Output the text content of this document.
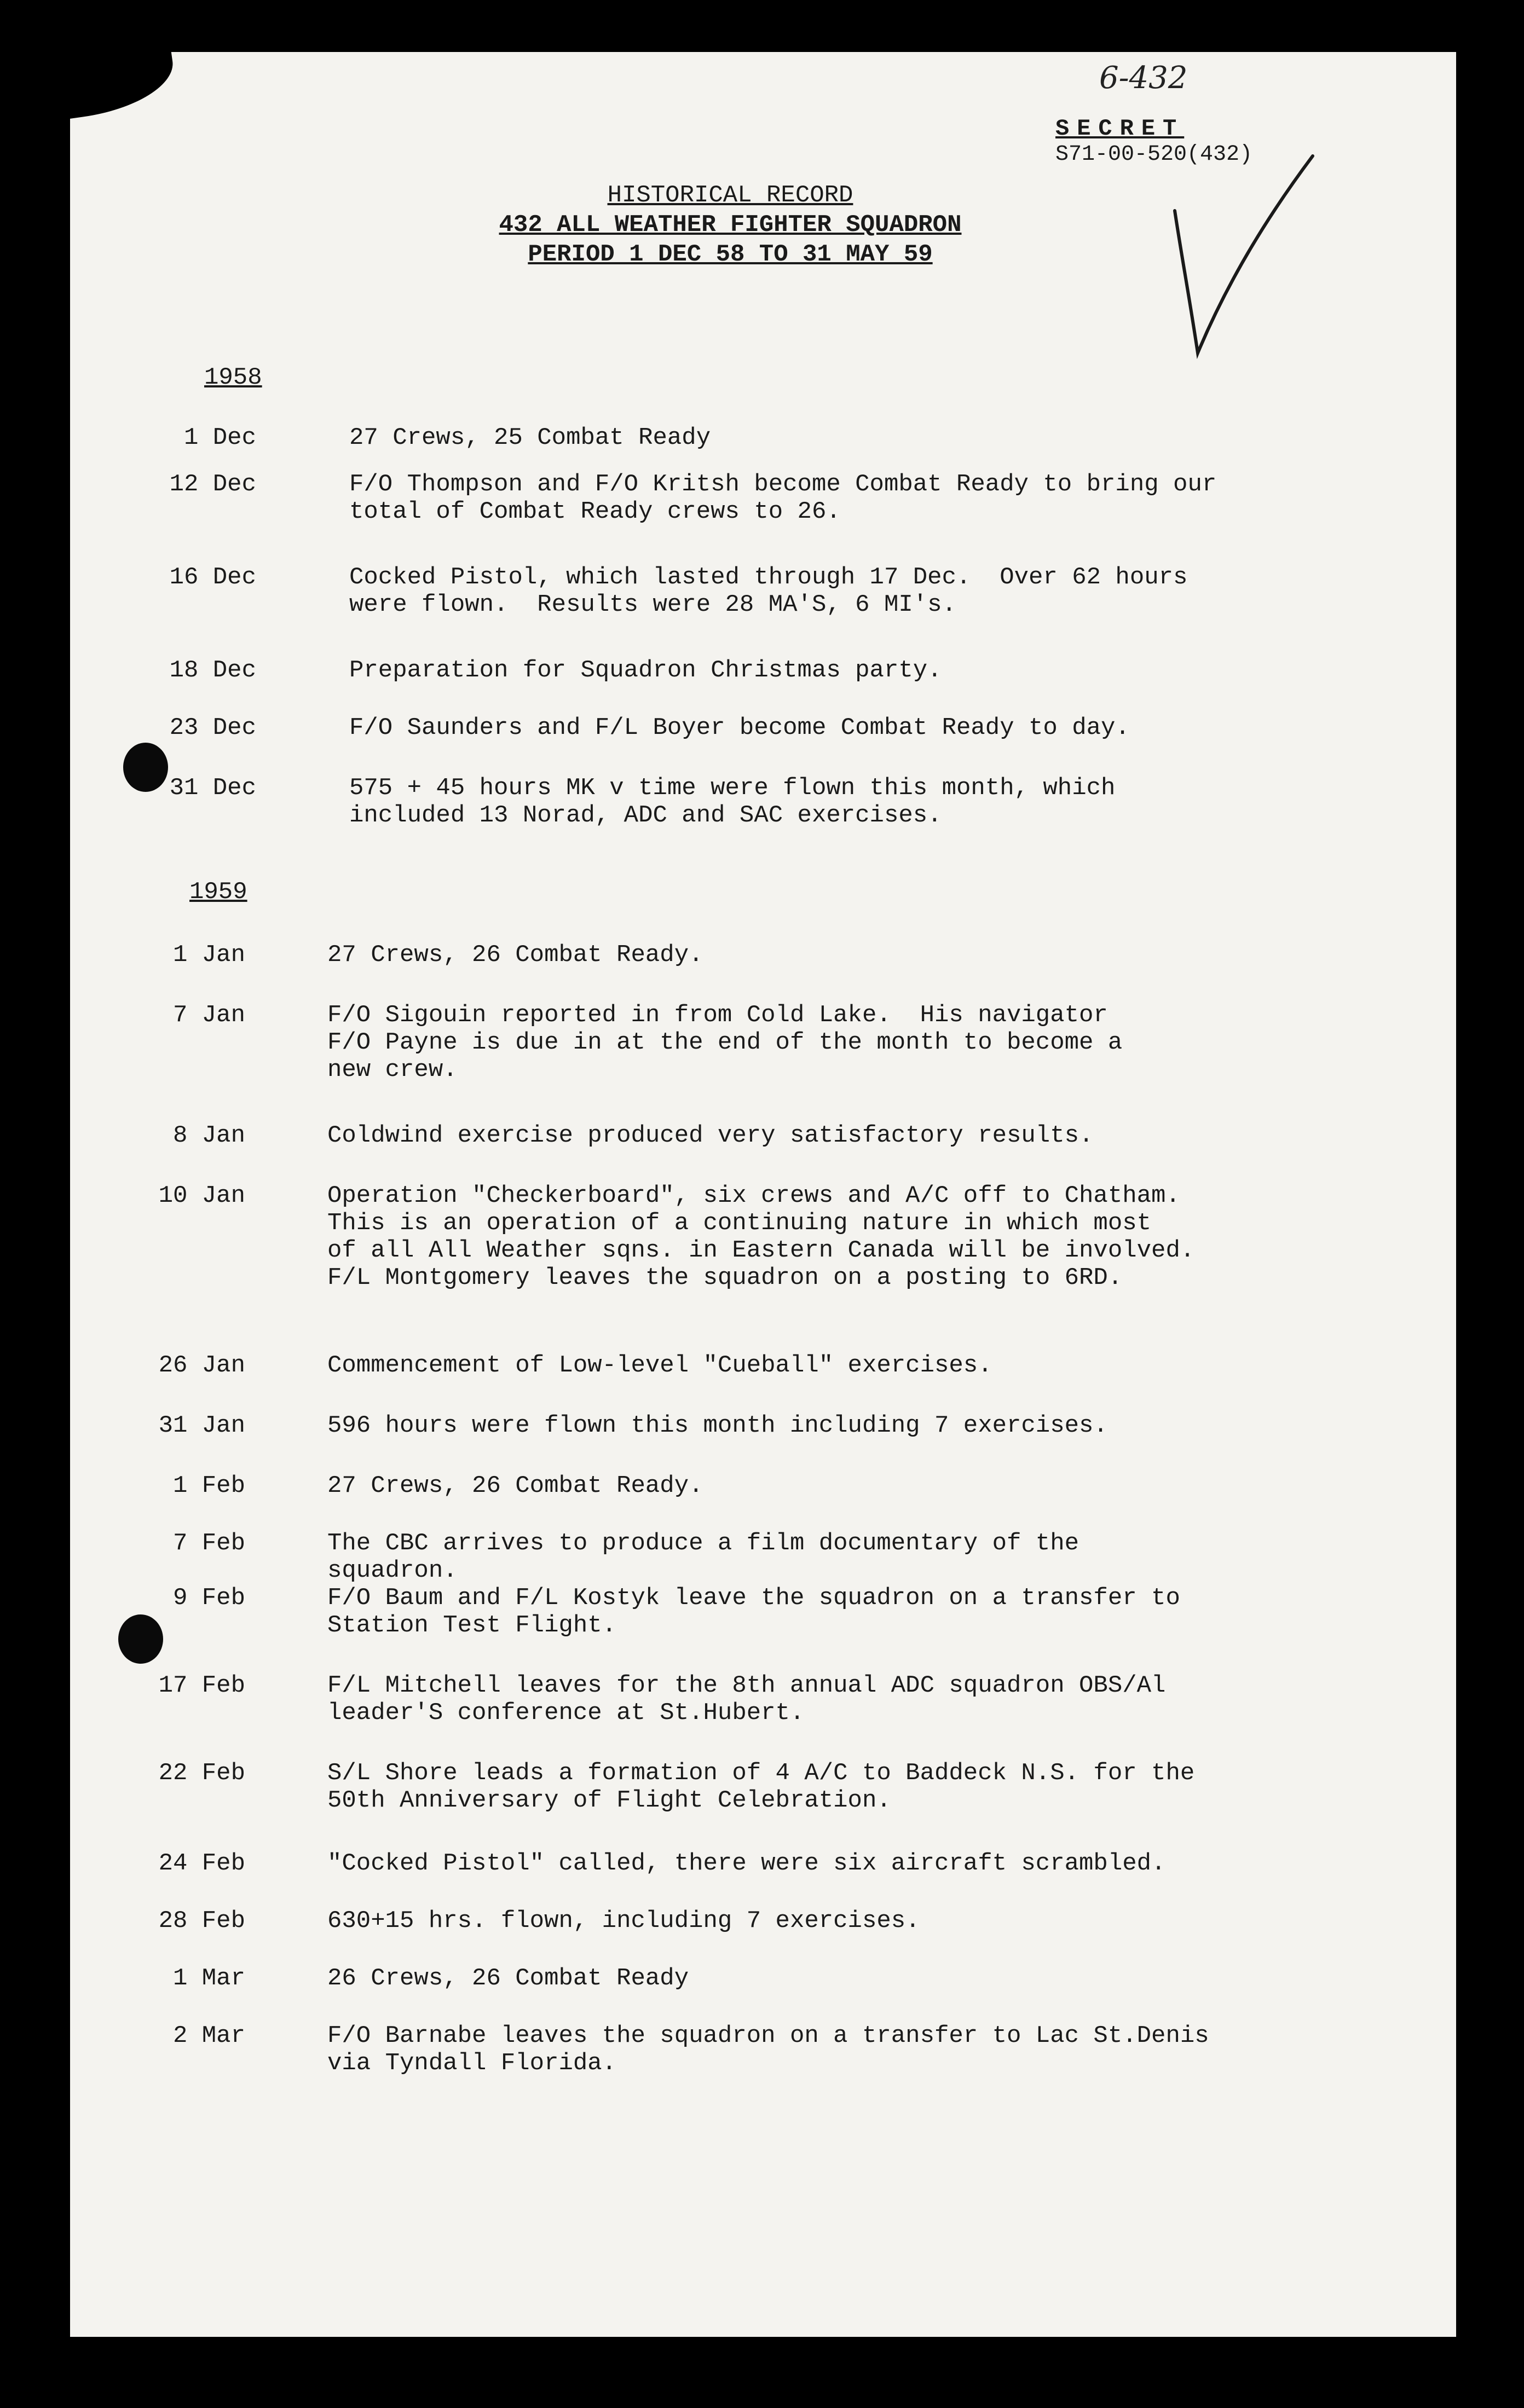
6-432
SECRET
S71-00-520(432)
HISTORICAL RECORD
432 ALL WEATHER FIGHTER SQUADRON
PERIOD 1 DEC 58 TO 31 MAY 59
1958
1 Dec	27 Crews, 25 Combat Ready
12 Dec	F/O Thompson and F/O Kritsh become Combat Ready to bring our
total of Combat Ready crews to 26.
16 Dec	Cocked Pistol, which lasted through 17 Dec.  Over 62 hours
were flown.  Results were 28 MA'S, 6 MI's.
18 Dec	Preparation for Squadron Christmas party.
23 Dec	F/O Saunders and F/L Boyer become Combat Ready to day.
31 Dec	575 + 45 hours MK v time were flown this month, which
included 13 Norad, ADC and SAC exercises.
1959
1 Jan	27 Crews, 26 Combat Ready.
7 Jan	F/O Sigouin reported in from Cold Lake.  His navigator
F/O Payne is due in at the end of the month to become a
new crew.
8 Jan	Coldwind exercise produced very satisfactory results.
10 Jan	Operation "Checkerboard", six crews and A/C off to Chatham.
This is an operation of a continuing nature in which most
of all All Weather sqns. in Eastern Canada will be involved.
F/L Montgomery leaves the squadron on a posting to 6RD.
26 Jan	Commencement of Low-level "Cueball" exercises.
31 Jan	596 hours were flown this month including 7 exercises.
1 Feb	27 Crews, 26 Combat Ready.
7 Feb	The CBC arrives to produce a film documentary of the squadron.
9 Feb	F/O Baum and F/L Kostyk leave the squadron on a transfer to
Station Test Flight.
17 Feb	F/L Mitchell leaves for the 8th annual ADC squadron OBS/Al
leader'S conference at St.Hubert.
22 Feb	S/L Shore leads a formation of 4 A/C to Baddeck N.S. for the
50th Anniversary of Flight Celebration.
24 Feb	"Cocked Pistol" called, there were six aircraft scrambled.
28 Feb	630+15 hrs. flown, including 7 exercises.
1 Mar	26 Crews, 26 Combat Ready
2 Mar	F/O Barnabe leaves the squadron on a transfer to Lac St.Denis
via Tyndall Florida.
